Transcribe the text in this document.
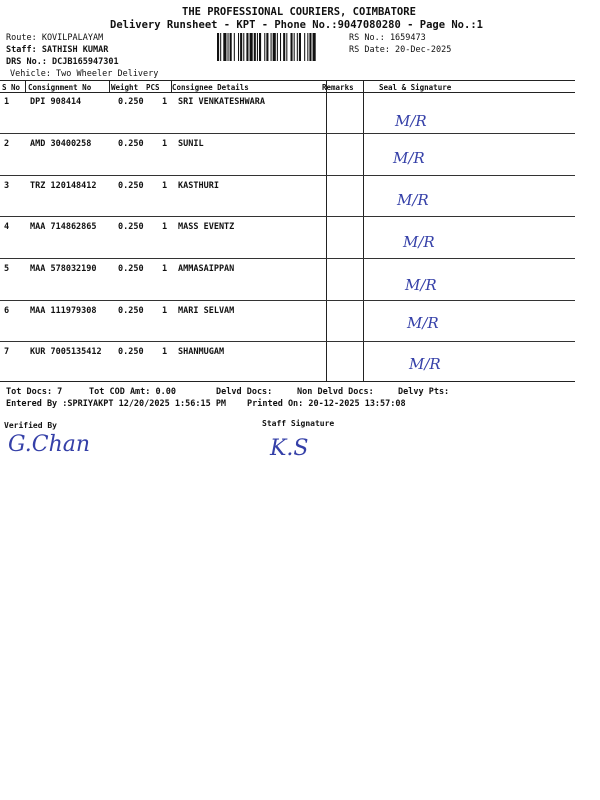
THE PROFESSIONAL COURIERS, COIMBATORE
Delivery Runsheet - KPT - Phone No.:9047080280 - Page No.:1
Route: KOVILPALAYAM
Staff: SATHISH KUMAR
DRS No.: DCJB165947301
Vehicle: Two Wheeler Delivery
RS No.: 1659473
RS Date: 20-Dec-2025
S No Consignment No	Weight PCS Consignee Details	Remarks	Seal & Signature
1 DPI 908414	0.250 1 SRI VENKATESHWARA
M/R
2 AMD 30400258	0.250 1 SUNIL
M/R
3 TRZ 120148412	0.250 1 KASTHURI
M/R
4 MAA 714862865	0.250 1 MASS EVENTZ
M/R
5 MAA 578032190	0.250 1 AMMASAIPPAN
M/R
6 MAA 111979308	0.250 1 MARI SELVAM
M/R
7 KUR 7005135412 0.250 1 SHANMUGAM
M/R
Tot Docs: 7	Tot COD Amt: 0.00	Delvd Docs:	Non Delvd Docs:	Delvy Pts:
Entered By :SPRIYAKPT 12/20/2025 1:56:15 PM Printed On: 20-12-2025 13:57:08
Verified By	Staff Signature
G.Chan	K.S
